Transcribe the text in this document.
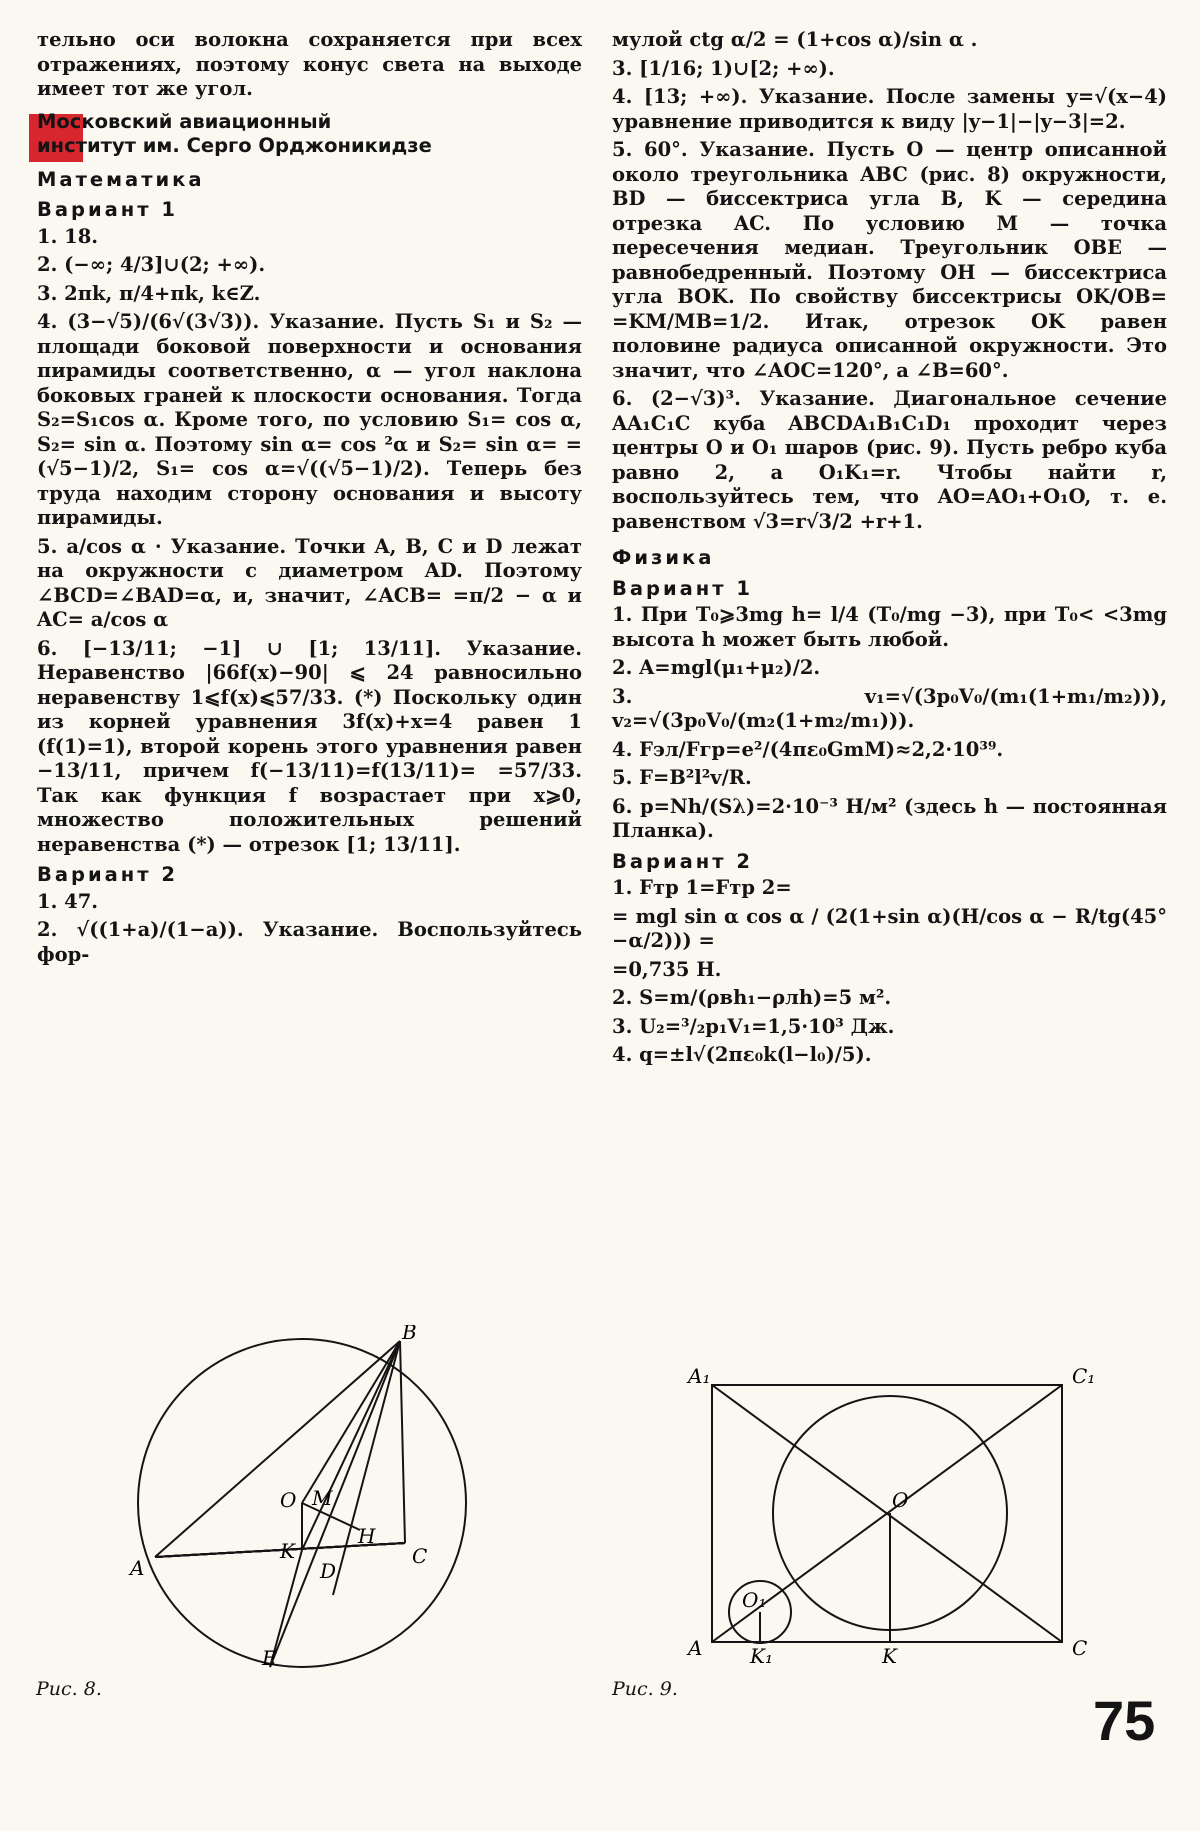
тельно оси волокна сохраняется при всех отражениях, поэтому конус света на выходе имеет тот же угол.

Московский авиационный
институт им. Серго Орджоникидзе
Математика
Вариант 1

1. 18.

2. (−∞; 4/3]∪(2; +∞).

3. 2πk, π/4+πk, k∈Z.

4. (3−√5)/(6√(3√3)). Указание. Пусть S₁ и S₂ — площади боковой поверхности и основания пирамиды соответственно, α — угол наклона боковых граней к плоскости основания. Тогда S₂=S₁cos α. Кроме того, по условию S₁= cos α, S₂= sin α. Поэтому sin α= cos ²α и S₂= sin α= =(√5−1)/2, S₁= cos α=√((√5−1)/2). Теперь без труда находим сторону основания и высоту пирамиды.

5. a/cos α · Указание. Точки A, B, C и D лежат на окружности с диаметром AD. Поэтому ∠BCD=∠BAD=α, и, значит, ∠ACB= =π/2 − α и AC= a/cos α

6. [−13/11; −1] ∪ [1; 13/11]. Указание. Неравенство |66f(x)−90| ⩽ 24 равносильно неравенству 1⩽f(x)⩽57/33. (*) Поскольку один из корней уравнения 3f(x)+x=4 равен 1 (f(1)=1), второй корень этого уравнения равен −13/11, причем f(−13/11)=f(13/11)= =57/33. Так как функция f возрастает при x⩾0, множество положительных решений неравенства (*) — отрезок [1; 13/11].

Вариант 2

1. 47.

2. √((1+a)/(1−a)). Указание. Воспользуйтесь фор-

мулой ctg α/2 = (1+cos α)/sin α .

3. [1/16; 1)∪[2; +∞).

4. [13; +∞). Указание. После замены y=√(x−4) уравнение приводится к виду |y−1|−|y−3|=2.

5. 60°. Указание. Пусть O — центр описанной около треугольника ABC (рис. 8) окружности, BD — биссектриса угла B, K — середина отрезка AC. По условию M — точка пересечения медиан. Треугольник OBE — равнобедренный. Поэтому OH — биссектриса угла BOK. По свойству биссектрисы OK/OB= =KM/MB=1/2. Итак, отрезок OK равен половине радиуса описанной окружности. Это значит, что ∠AOC=120°, а ∠B=60°.

6. (2−√3)³. Указание. Диагональное сечение AA₁C₁C куба ABCDA₁B₁C₁D₁ проходит через центры O и O₁ шаров (рис. 9). Пусть ребро куба равно 2, а O₁K₁=r. Чтобы найти r, воспользуйтесь тем, что AO=AO₁+O₁O, т. е. равенством √3=r√3/2 +r+1.

Физика
Вариант 1

1. При T₀⩾3mg h= l/4 (T₀/mg −3), при T₀< <3mg высота h может быть любой.

2. A=mgl(μ₁+μ₂)/2.

3. v₁=√(3p₀V₀/(m₁(1+m₁/m₂))), v₂=√(3p₀V₀/(m₂(1+m₂/m₁))).

4. Fэл/Fгр=e²/(4πε₀GmM)≈2,2·10³⁹.

5. F=B²l²v/R.

6. p=Nh/(Sλ)=2·10⁻³ Н/м² (здесь h — постоянная Планка).

Вариант 2

1. Fтр 1=Fтр 2=

= mgl sin α cos α / (2(1+sin α)(H/cos α − R/tg(45°−α/2))) =

=0,735 Н.

2. S=m/(ρвh₁−ρлh)=5 м².

3. U₂=³/₂p₁V₁=1,5·10³ Дж.

4. q=±l√(2πε₀k(l−l₀)/5).

B
O M
H
K
A	D
C
E
Рис. 8.
A₁	C₁
O
O₁
A K₁	K	C
Рис. 9.	75
